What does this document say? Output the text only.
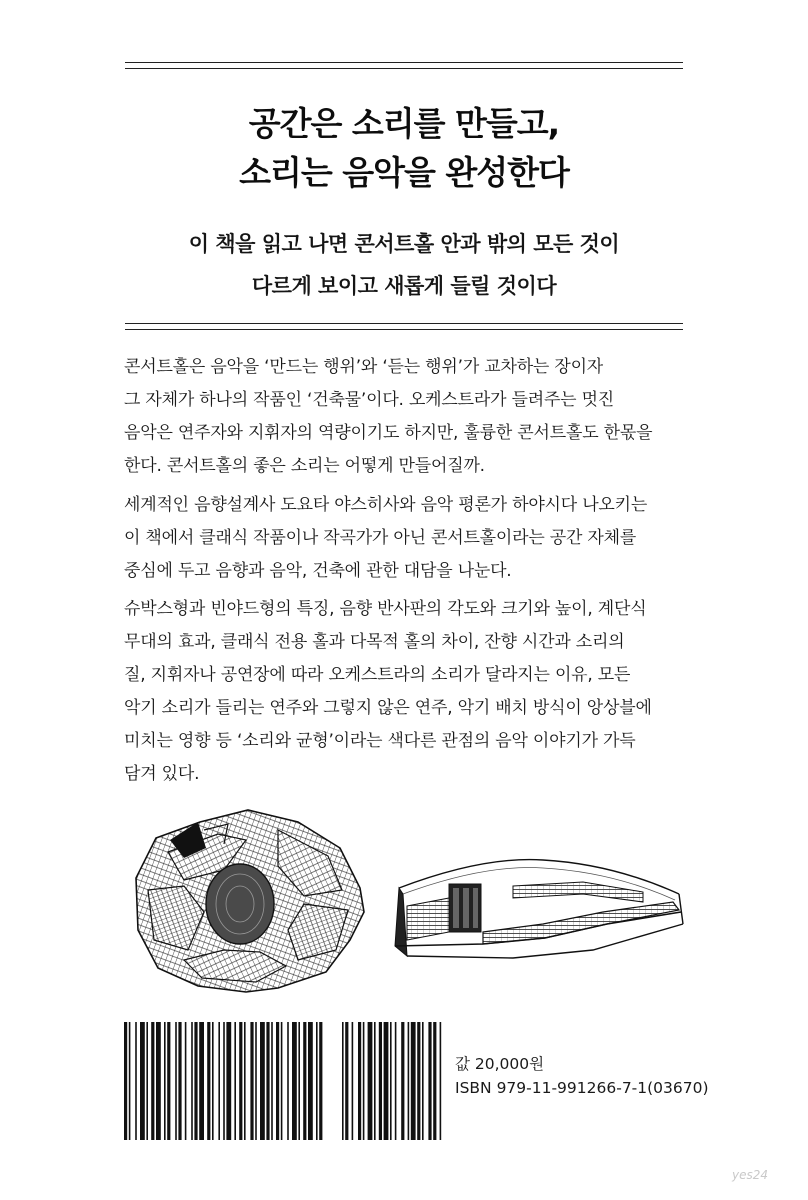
공간은 소리를 만들고,
소리는 음악을 완성한다
이 책을 읽고 나면 콘서트홀 안과 밖의 모든 것이
다르게 보이고 새롭게 들릴 것이다
콘서트홀은 음악을 ‘만드는 행위’와 ‘듣는 행위’가 교차하는 장이자
그 자체가 하나의 작품인 ‘건축물’이다. 오케스트라가 들려주는 멋진
음악은 연주자와 지휘자의 역량이기도 하지만, 훌륭한 콘서트홀도 한몫을
한다. 콘서트홀의 좋은 소리는 어떻게 만들어질까.
세계적인 음향설계사 도요타 야스히사와 음악 평론가 하야시다 나오키는
이 책에서 클래식 작품이나 작곡가가 아닌 콘서트홀이라는 공간 자체를
중심에 두고 음향과 음악, 건축에 관한 대담을 나눈다.
슈박스형과 빈야드형의 특징, 음향 반사판의 각도와 크기와 높이, 계단식
무대의 효과, 클래식 전용 홀과 다목적 홀의 차이, 잔향 시간과 소리의
질, 지휘자나 공연장에 따라 오케스트라의 소리가 달라지는 이유, 모든
악기 소리가 들리는 연주와 그렇지 않은 연주, 악기 배치 방식이 앙상블에
미치는 영향 등 ‘소리와 균형’이라는 색다른 관점의 음악 이야기가 가득
담겨 있다.
값 20,000원
ISBN 979-11-991266-7-1(03670)
yes24
